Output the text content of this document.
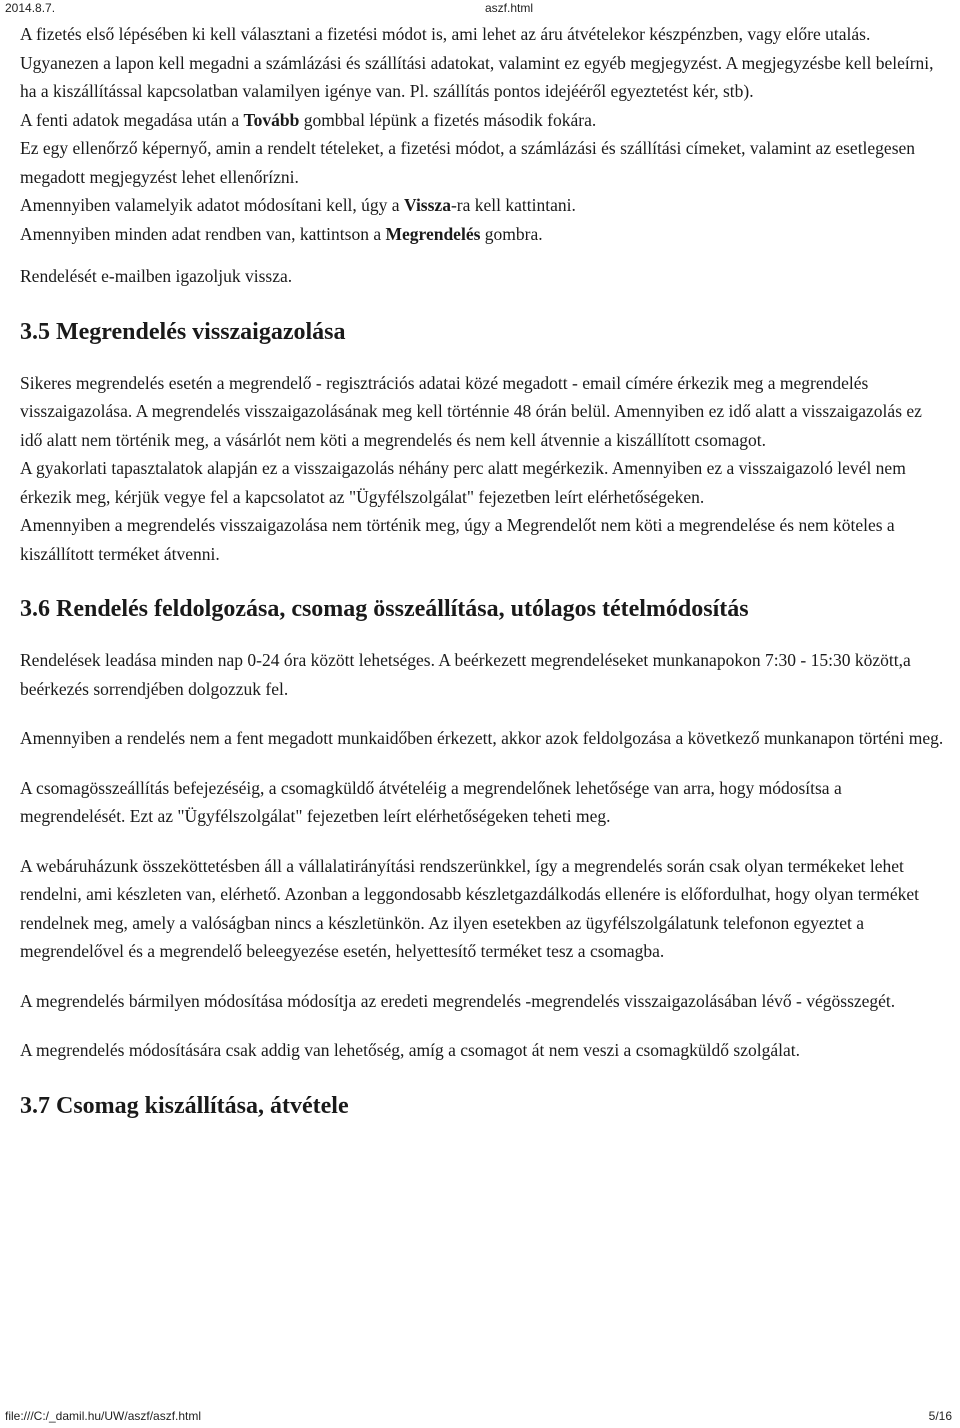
2014.8.7.	aszf.html

A fizetés első lépésében ki kell választani a fizetési módot is, ami lehet az áru átvételekor készpénzben, vagy előre utalás.

Ugyanezen a lapon kell megadni a számlázási és szállítási adatokat, valamint ez egyéb megjegyzést. A megjegyzésbe kell beleírni, ha a kiszállítással kapcsolatban valamilyen igénye van. Pl. szállítás pontos idejééről egyeztetést kér, stb).

A fenti adatok megadása után a Tovább gombbal lépünk a fizetés második fokára.

Ez egy ellenőrző képernyő, amin a rendelt tételeket, a fizetési módot, a számlázási és szállítási címeket, valamint az esetlegesen megadott megjegyzést lehet ellenőrízni.

Amennyiben valamelyik adatot módosítani kell, úgy a Vissza-ra kell kattintani.

Amennyiben minden adat rendben van, kattintson a Megrendelés gombra.

Rendelését e-mailben igazoljuk vissza.

3.5 Megrendelés visszaigazolása

Sikeres megrendelés esetén a megrendelő - regisztrációs adatai közé megadott - email címére érkezik meg a megrendelés visszaigazolása. A megrendelés visszaigazolásának meg kell történnie 48 órán belül. Amennyiben ez idő alatt a visszaigazolás ez idő alatt nem történik meg, a vásárlót nem köti a megrendelés és nem kell átvennie a kiszállított csomagot.

A gyakorlati tapasztalatok alapján ez a visszaigazolás néhány perc alatt megérkezik. Amennyiben ez a visszaigazoló levél nem érkezik meg, kérjük vegye fel a kapcsolatot az "Ügyfélszolgálat" fejezetben leírt elérhetőségeken.

Amennyiben a megrendelés visszaigazolása nem történik meg, úgy a Megrendelőt nem köti a megrendelése és nem köteles a kiszállított terméket átvenni.

3.6 Rendelés feldolgozása, csomag összeállítása, utólagos tételmódosítás

Rendelések leadása minden nap 0-24 óra között lehetséges. A beérkezett megrendeléseket munkanapokon 7:30 - 15:30 között,a beérkezés sorrendjében dolgozzuk fel.

Amennyiben a rendelés nem a fent megadott munkaidőben érkezett, akkor azok feldolgozása a következő munkanapon történi meg.

A csomagösszeállítás befejezéséig, a csomagküldő átvételéig a megrendelőnek lehetősége van arra, hogy módosítsa a megrendelését. Ezt az "Ügyfélszolgálat" fejezetben leírt elérhetőségeken teheti meg.

A webáruházunk összeköttetésben áll a vállalatirányítási rendszerünkkel, így a megrendelés során csak olyan termékeket lehet rendelni, ami készleten van, elérhető. Azonban a leggondosabb készletgazdálkodás ellenére is előfordulhat, hogy olyan terméket rendelnek meg, amely a valóságban nincs a készletünkön. Az ilyen esetekben az ügyfélszolgálatunk telefonon egyeztet a megrendelővel és a megrendelő beleegyezése esetén, helyettesítő terméket tesz a csomagba.

A megrendelés bármilyen módosítása módosítja az eredeti megrendelés -megrendelés visszaigazolásában lévő - végösszegét.

A megrendelés módosítására csak addig van lehetőség, amíg a csomagot át nem veszi a csomagküldő szolgálat.

3.7 Csomag kiszállítása, átvétele
file:///C:/_damil.hu/UW/aszf/aszf.html	5/16
